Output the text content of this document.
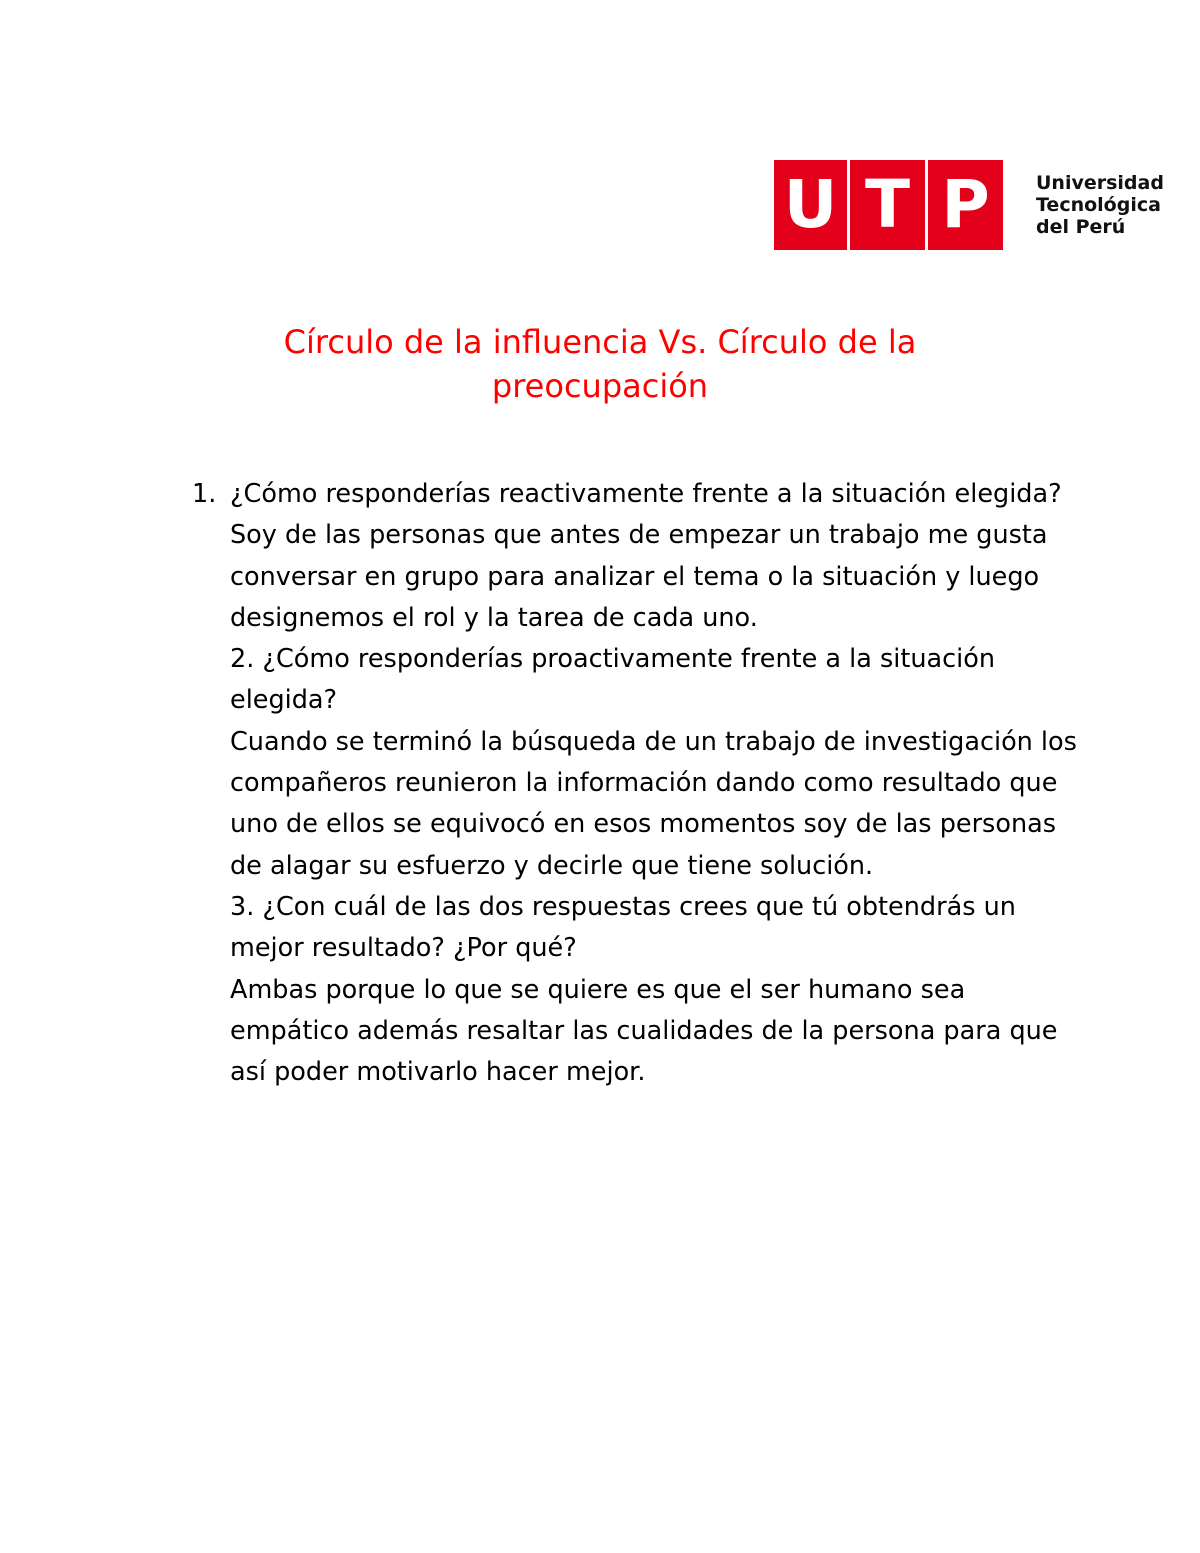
U T P	Universidad
Tecnológica
del Perú
Círculo de la influencia Vs. Círculo de la
preocupación
1. ¿Cómo responderías reactivamente frente a la situación elegida?
Soy de las personas que antes de empezar un trabajo me gusta
conversar en grupo para analizar el tema o la situación y luego
designemos el rol y la tarea de cada uno.
2. ¿Cómo responderías proactivamente frente a la situación
elegida?
Cuando se terminó la búsqueda de un trabajo de investigación los
compañeros reunieron la información dando como resultado que
uno de ellos se equivocó en esos momentos soy de las personas
de alagar su esfuerzo y decirle que tiene solución.
3. ¿Con cuál de las dos respuestas crees que tú obtendrás un
mejor resultado? ¿Por qué?
Ambas porque lo que se quiere es que el ser humano sea
empático además resaltar las cualidades de la persona para que
así poder motivarlo hacer mejor.
